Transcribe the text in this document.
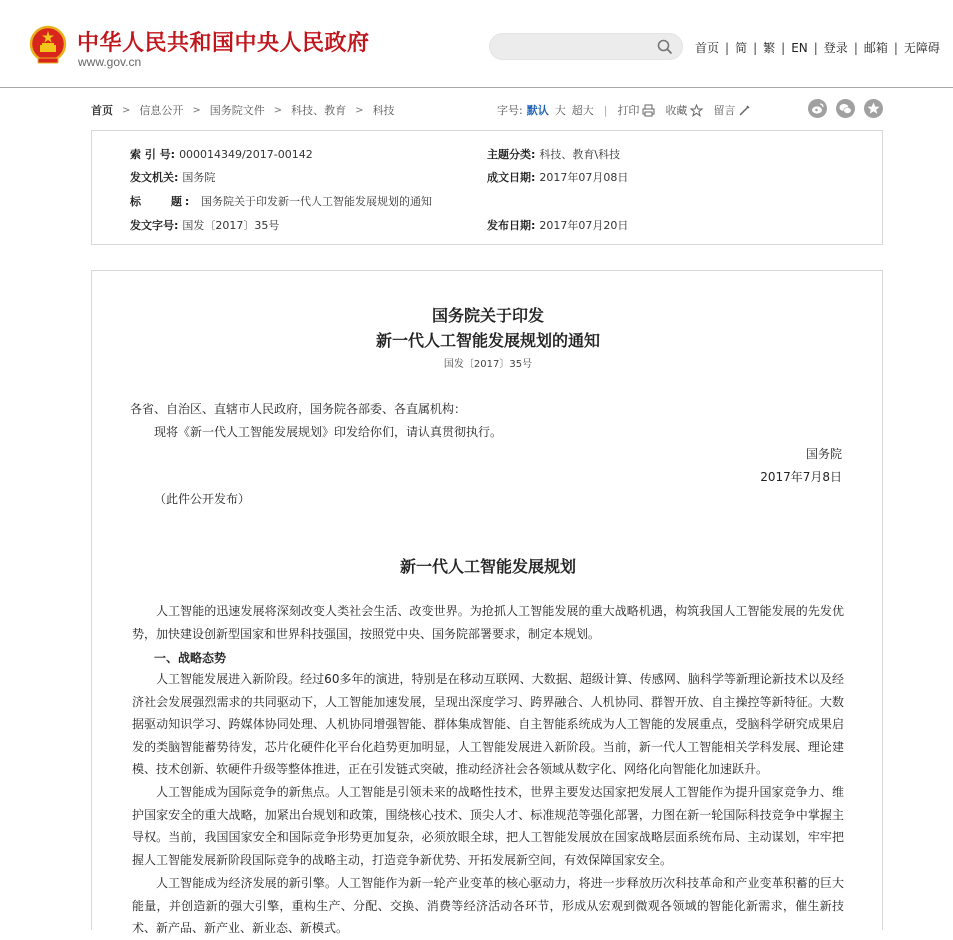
中华人民共和国中央人民政府
www.gov.cn
首页 | 简 | 繁 | EN | 登录 | 邮箱 | 无障碍
首页 > 信息公开 > 国务院文件 > 科技、教育 > 科技	字号: 默认 大 超大 | 打印 收藏 留言
索 引 号: 000014349/2017-00142	主题分类: 科技、教育\科技
发文机关: 国务院	成文日期: 2017年07月08日
标 题: 国务院关于印发新一代人工智能发展规划的通知
发文字号: 国发〔2017〕35号	发布日期: 2017年07月20日
国务院关于印发
新一代人工智能发展规划的通知
国发〔2017〕35号
各省、自治区、直辖市人民政府，国务院各部委、各直属机构：
现将《新一代人工智能发展规划》印发给你们，请认真贯彻执行。
国务院
2017年7月8日
（此件公开发布）
新一代人工智能发展规划
人工智能的迅速发展将深刻改变人类社会生活、改变世界。为抢抓人工智能发展的重大战略机遇，构筑我国人工智能发展的先发优势，加快建设创新型国家和世界科技强国，按照党中央、国务院部署要求，制定本规划。
一、战略态势
人工智能发展进入新阶段。经过60多年的演进，特别是在移动互联网、大数据、超级计算、传感网、脑科学等新理论新技术以及经济社会发展强烈需求的共同驱动下，人工智能加速发展，呈现出深度学习、跨界融合、人机协同、群智开放、自主操控等新特征。大数据驱动知识学习、跨媒体协同处理、人机协同增强智能、群体集成智能、自主智能系统成为人工智能的发展重点，受脑科学研究成果启发的类脑智能蓄势待发，芯片化硬件化平台化趋势更加明显，人工智能发展进入新阶段。当前，新一代人工智能相关学科发展、理论建模、技术创新、软硬件升级等整体推进，正在引发链式突破，推动经济社会各领域从数字化、网络化向智能化加速跃升。
人工智能成为国际竞争的新焦点。人工智能是引领未来的战略性技术，世界主要发达国家把发展人工智能作为提升国家竞争力、维护国家安全的重大战略，加紧出台规划和政策，围绕核心技术、顶尖人才、标准规范等强化部署，力图在新一轮国际科技竞争中掌握主导权。当前，我国国家安全和国际竞争形势更加复杂，必须放眼全球，把人工智能发展放在国家战略层面系统布局、主动谋划，牢牢把握人工智能发展新阶段国际竞争的战略主动，打造竞争新优势、开拓发展新空间，有效保障国家安全。
人工智能成为经济发展的新引擎。人工智能作为新一轮产业变革的核心驱动力，将进一步释放历次科技革命和产业变革积蓄的巨大能量，并创造新的强大引擎，重构生产、分配、交换、消费等经济活动各环节，形成从宏观到微观各领域的智能化新需求，催生新技术、新产品、新产业、新业态、新模式。
